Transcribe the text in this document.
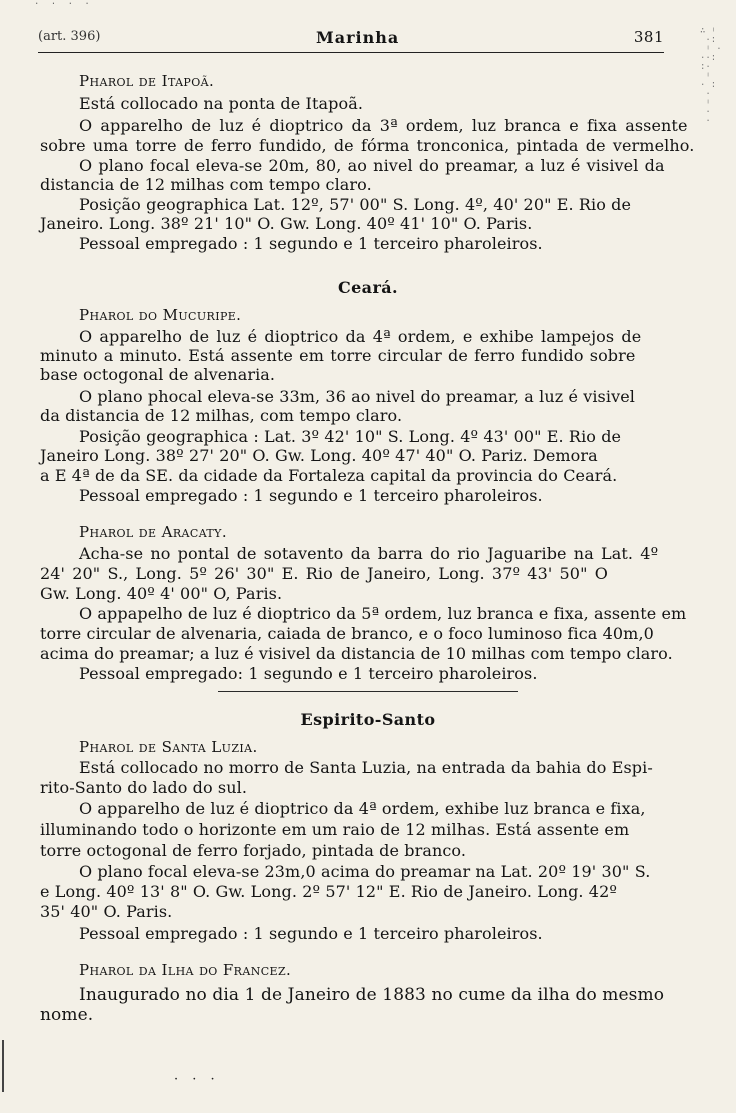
· · · ·

∴ ᵎ
·:
ᵎ ·
··:
:·
ᵎ
· :
·
ᵎ
·
·

· · ·
(art. 396)	Marinha	381
Pharol de Itapoã.
Está collocado na ponta de Itapoã.
O apparelho de luz é dioptrico da 3ª ordem, luz branca e fixa assente
sobre uma torre de ferro fundido, de fórma tronconica, pintada de vermelho.
O plano focal eleva-se 20m, 80, ao nivel do preamar, a luz é visivel da
distancia de 12 milhas com tempo claro.
Posição geographica Lat. 12º, 57' 00" S. Long. 4º, 40' 20" E. Rio de
Janeiro. Long. 38º 21' 10" O. Gw. Long. 40º 41' 10" O. Paris.
Pessoal empregado : 1 segundo e 1 terceiro pharoleiros.
Ceará.
Pharol do Mucuripe.
O apparelho de luz é dioptrico da 4ª ordem, e exhibe lampejos de
minuto a minuto. Está assente em torre circular de ferro fundido sobre
base octogonal de alvenaria.
O plano phocal eleva-se 33m, 36 ao nivel do preamar, a luz é visivel
da distancia de 12 milhas, com tempo claro.
Posição geographica : Lat. 3º 42' 10" S. Long. 4º 43' 00" E. Rio de
Janeiro Long. 38º 27' 20" O. Gw. Long. 40º 47' 40" O. Pariz. Demora
a E 4ª de da SE. da cidade da Fortaleza capital da provincia do Ceará.
Pessoal empregado : 1 segundo e 1 terceiro pharoleiros.
Pharol de Aracaty.
Acha-se no pontal de sotavento da barra do rio Jaguaribe na Lat. 4º
24' 20" S., Long. 5º 26' 30" E. Rio de Janeiro, Long. 37º 43' 50" O
Gw. Long. 40º 4' 00" O, Paris.
O appapelho de luz é dioptrico da 5ª ordem, luz branca e fixa, assente em
torre circular de alvenaria, caiada de branco, e o foco luminoso fica 40m,0
acima do preamar; a luz é visivel da distancia de 10 milhas com tempo claro.
Pessoal empregado: 1 segundo e 1 terceiro pharoleiros.
Espirito-Santo
Pharol de Santa Luzia.
Está collocado no morro de Santa Luzia, na entrada da bahia do Espi-
rito-Santo do lado do sul.
O apparelho de luz é dioptrico da 4ª ordem, exhibe luz branca e fixa,
illuminando todo o horizonte em um raio de 12 milhas. Está assente em
torre octogonal de ferro forjado, pintada de branco.
O plano focal eleva-se 23m,0 acima do preamar na Lat. 20º 19' 30" S.
e Long. 40º 13' 8" O. Gw. Long. 2º 57' 12" E. Rio de Janeiro. Long. 42º
35' 40" O. Paris.
Pessoal empregado : 1 segundo e 1 terceiro pharoleiros.
Pharol da Ilha do Francez.
Inaugurado no dia 1 de Janeiro de 1883 no cume da ilha do mesmo
nome.
